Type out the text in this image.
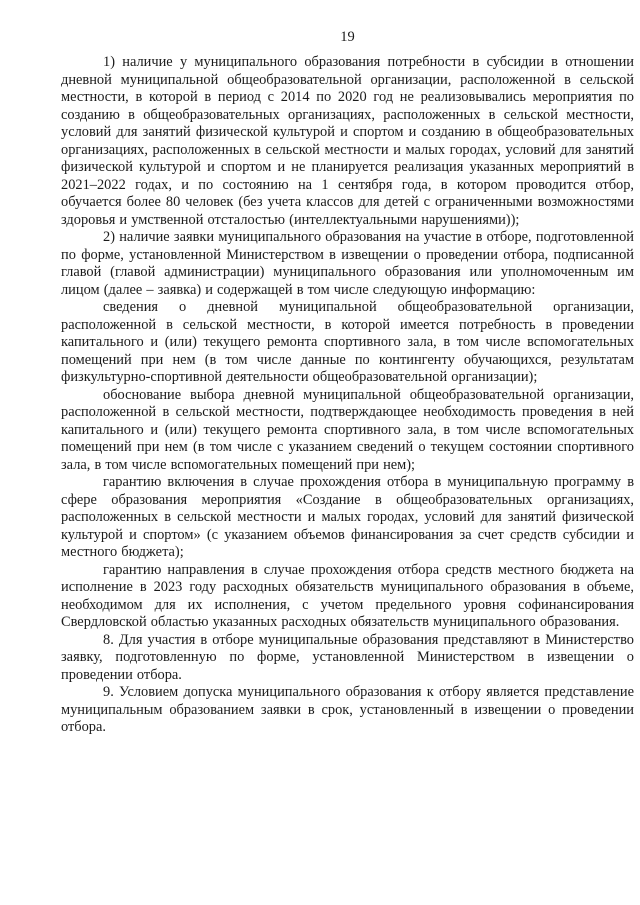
19

1) наличие у муниципального образования потребности в субсидии в отношении дневной муниципальной общеобразовательной организации, расположенной в сельской местности, в которой в период с 2014 по 2020 год не реализовывались мероприятия по созданию в общеобразовательных организациях, расположенных в сельской местности, условий для занятий физической культурой и спортом и созданию в общеобразовательных организациях, расположенных в сельской местности и малых городах, условий для занятий физической культурой и спортом и не планируется реализация указанных мероприятий в 2021–2022 годах, и по состоянию на 1 сентября года, в котором проводится отбор, обучается более 80 человек (без учета классов для детей с ограниченными возможностями здоровья и умственной отсталостью (интеллектуальными нарушениями));

2) наличие заявки муниципального образования на участие в отборе, подготовленной по форме, установленной Министерством в извещении о проведении отбора, подписанной главой (главой администрации) муниципального образования или уполномоченным им лицом (далее – заявка) и содержащей в том числе следующую информацию:

сведения о дневной муниципальной общеобразовательной организации, расположенной в сельской местности, в которой имеется потребность в проведении капитального и (или) текущего ремонта спортивного зала, в том числе вспомогательных помещений при нем (в том числе данные по контингенту обучающихся, результатам физкультурно-спортивной деятельности общеобразовательной организации);

обоснование выбора дневной муниципальной общеобразовательной организации, расположенной в сельской местности, подтверждающее необходимость проведения в ней капитального и (или) текущего ремонта спортивного зала, в том числе вспомогательных помещений при нем (в том числе с указанием сведений о текущем состоянии спортивного зала, в том числе вспомогательных помещений при нем);

гарантию включения в случае прохождения отбора в муниципальную программу в сфере образования мероприятия «Создание в общеобразовательных организациях, расположенных в сельской местности и малых городах, условий для занятий физической культурой и спортом» (с указанием объемов финансирования за счет средств субсидии и местного бюджета);

гарантию направления в случае прохождения отбора средств местного бюджета на исполнение в 2023 году расходных обязательств муниципального образования в объеме, необходимом для их исполнения, с учетом предельного уровня софинансирования Свердловской областью указанных расходных обязательств муниципального образования.

8. Для участия в отборе муниципальные образования представляют в Министерство заявку, подготовленную по форме, установленной Министерством в извещении о проведении отбора.

9. Условием допуска муниципального образования к отбору является представление муниципальным образованием заявки в срок, установленный в извещении о проведении отбора.
